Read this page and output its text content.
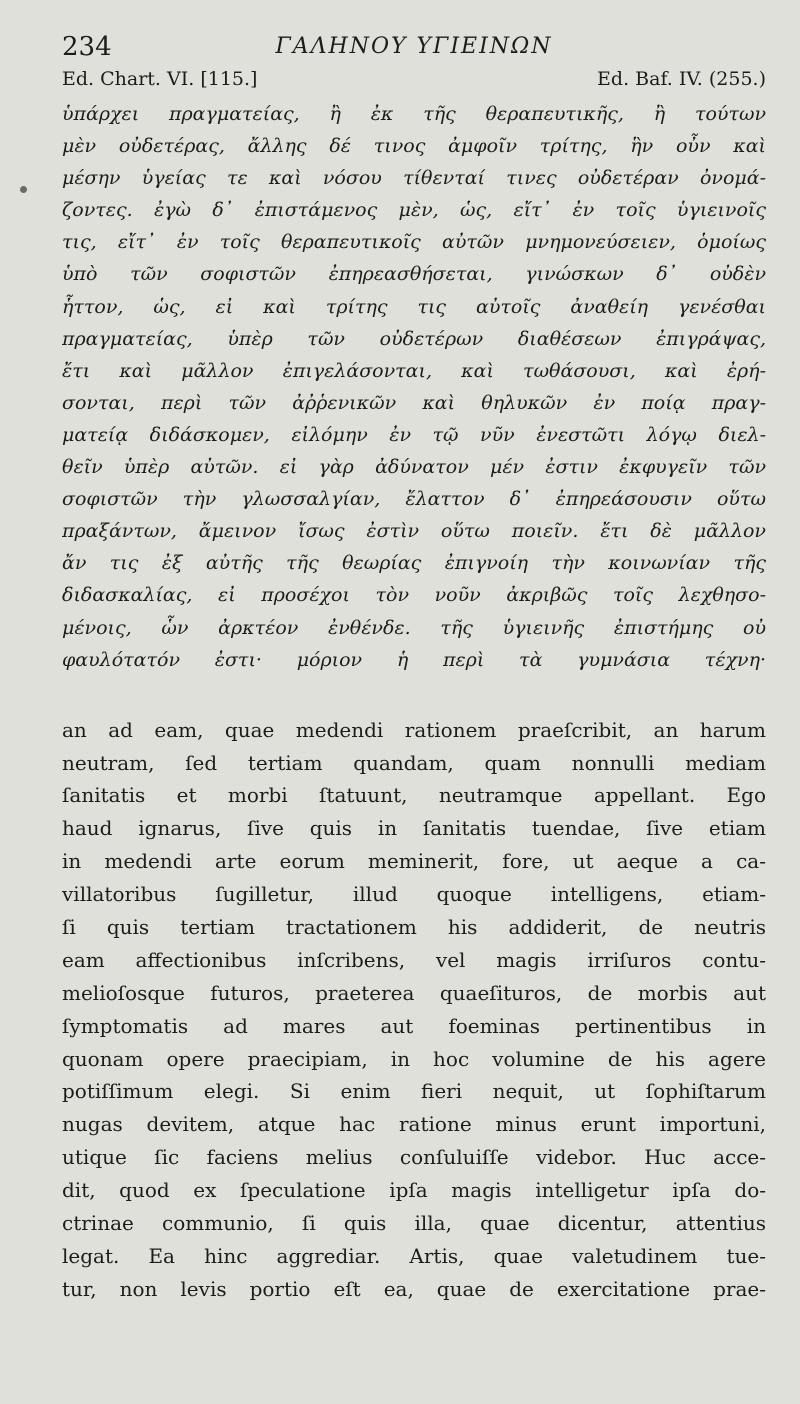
234	ΓΑΛΗΝΟΥ ΥΓΙΕΙΝΩΝ
Ed. Chart. VI. [115.]	Ed. Baf. IV. (255.)
ὑπάρχει πραγματείας, ἢ ἐκ τῆς θεραπευτικῆς, ἢ τούτων
μὲν οὐδετέρας, ἄλλης δέ τινος ἀμφοῖν τρίτης, ἣν οὖν καὶ
μέσην ὑγείας τε καὶ νόσου τίθενταί τινες οὐδετέραν ὀνομά-
ζοντες. ἐγὼ δ᾽ ἐπιστάμενος μὲν, ὡς, εἴτ᾽ ἐν τοῖς ὑγιεινοῖς
τις, εἴτ᾽ ἐν τοῖς θεραπευτικοῖς αὐτῶν μνημονεύσειεν, ὁμοίως
ὑπὸ τῶν σοφιστῶν ἐπηρεασθήσεται, γινώσκων δ᾽ οὐδὲν
ἧττον, ὡς, εἰ καὶ τρίτης τις αὐτοῖς ἀναθείη γενέσθαι
πραγματείας, ὑπὲρ τῶν οὐδετέρων διαθέσεων ἐπιγράψας,
ἔτι καὶ μᾶλλον ἐπιγελάσονται, καὶ τωθάσουσι, καὶ ἐρή-
σονται, περὶ τῶν ἀῤῥενικῶν καὶ θηλυκῶν ἐν ποίᾳ πραγ-
ματείᾳ διδάσκομεν, εἰλόμην ἐν τῷ νῦν ἐνεστῶτι λόγῳ διελ-
θεῖν ὑπὲρ αὐτῶν. εἰ γὰρ ἀδύνατον μέν ἐστιν ἐκφυγεῖν τῶν
σοφιστῶν τὴν γλωσσαλγίαν, ἔλαττον δ᾽ ἐπηρεάσουσιν οὕτω
πραξάντων, ἄμεινον ἴσως ἐστὶν οὕτω ποιεῖν. ἔτι δὲ μᾶλλον
ἄν τις ἐξ αὐτῆς τῆς θεωρίας ἐπιγνοίη τὴν κοινωνίαν τῆς
διδασκαλίας, εἰ προσέχοι τὸν νοῦν ἀκριβῶς τοῖς λεχθησο-
μένοις, ὧν ἀρκτέον ἐνθένδε. τῆς ὑγιεινῆς ἐπιστήμης οὐ
φαυλότατόν ἐστι· μόριον ἡ περὶ τὰ γυμνάσια τέχνη·
an ad eam, quae medendi rationem praeſcribit, an harum
neutram, ſed tertiam quandam, quam nonnulli mediam
ſanitatis et morbi ſtatuunt, neutramque appellant. Ego
haud ignarus, ſive quis in ſanitatis tuendae, ſive etiam
in medendi arte eorum meminerit, fore, ut aeque a ca-
villatoribus ſugilletur, illud quoque intelligens, etiam-
ſi quis tertiam tractationem his addiderit, de neutris
eam affectionibus inſcribens, vel magis irriſuros contu-
melioſosque futuros, praeterea quaeſituros, de morbis aut
ſymptomatis ad mares aut foeminas pertinentibus in
quonam opere praecipiam, in hoc volumine de his agere
potiſſimum elegi. Si enim fieri nequit, ut ſophiſtarum
nugas devitem, atque hac ratione minus erunt importuni,
utique ſic faciens melius conſuluiſſe videbor. Huc acce-
dit, quod ex ſpeculatione ipſa magis intelligetur ipſa do-
ctrinae communio, ſi quis illa, quae dicentur, attentius
legat. Ea hinc aggrediar. Artis, quae valetudinem tue-
tur, non levis portio eſt ea, quae de exercitatione prae-
